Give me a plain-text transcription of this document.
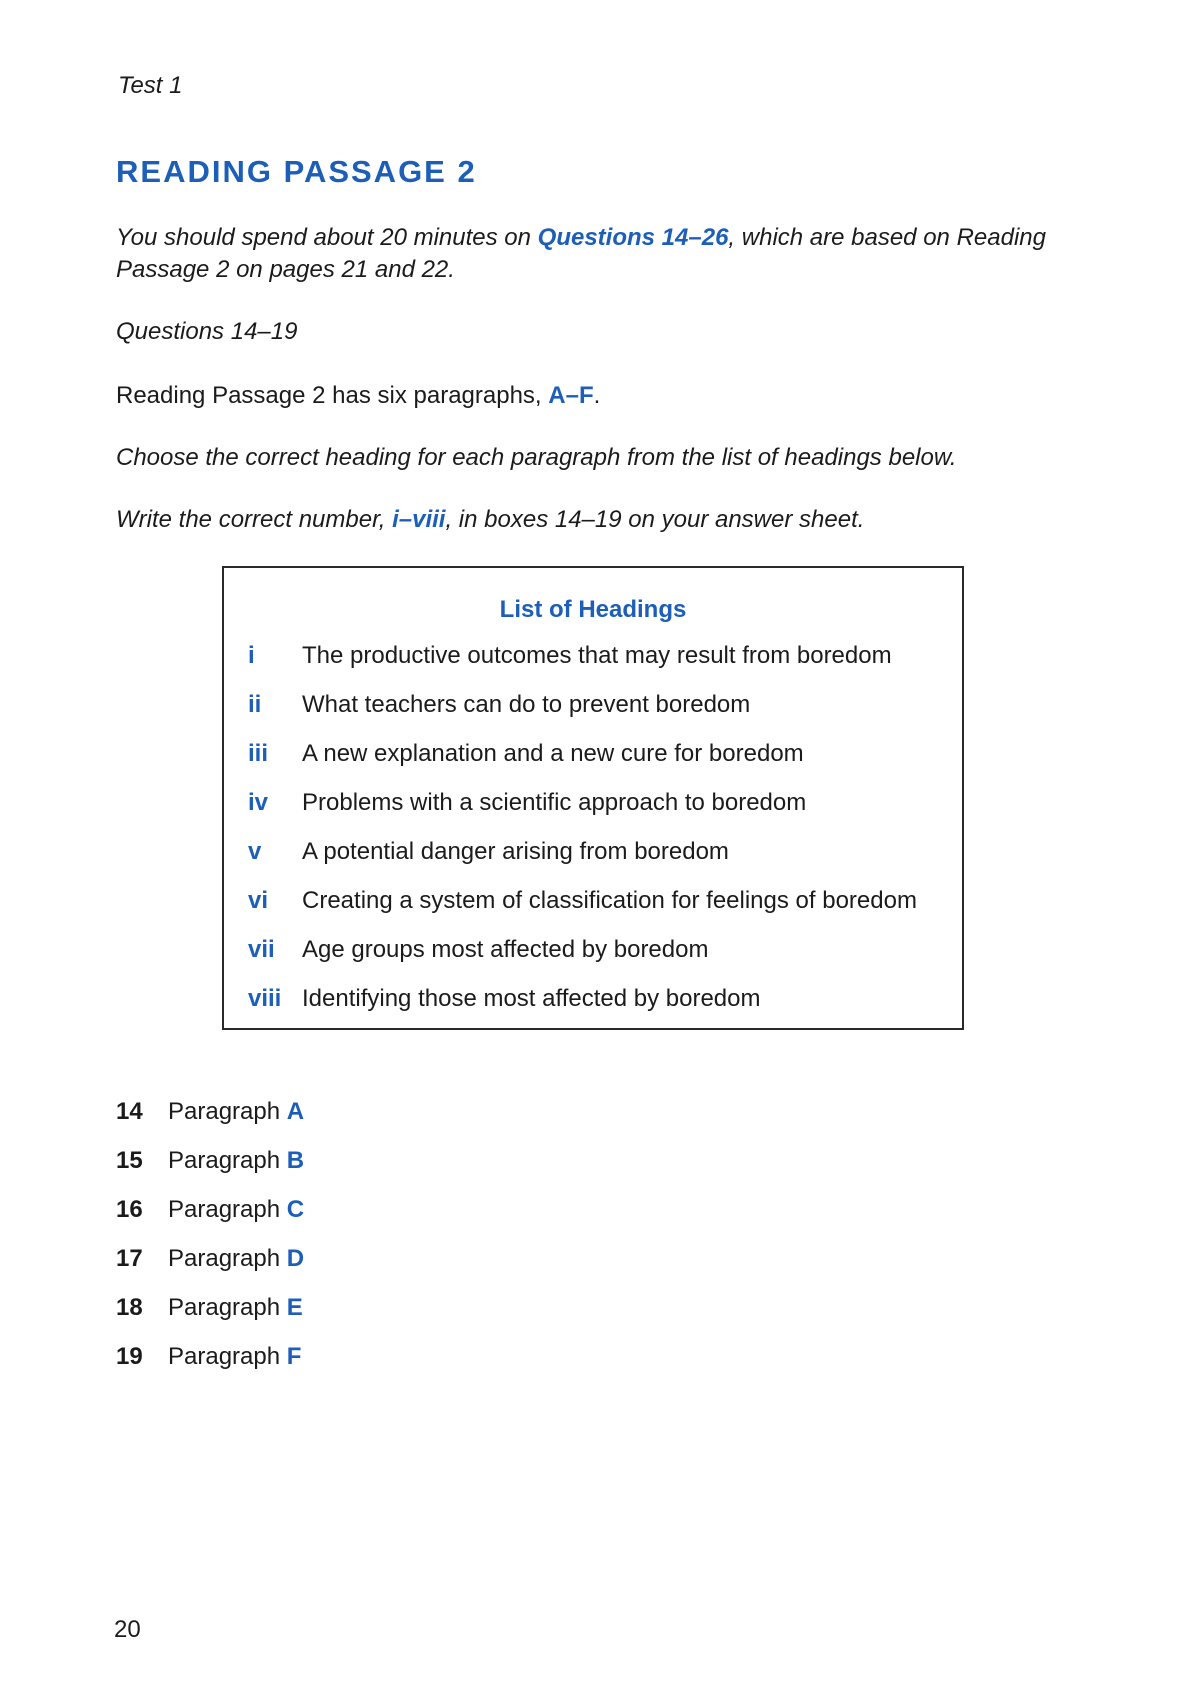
Test 1
READING PASSAGE 2
You should spend about 20 minutes on Questions 14–26, which are based on Reading Passage 2 on pages 21 and 22.
Questions 14–19
Reading Passage 2 has six paragraphs, A–F.
Choose the correct heading for each paragraph from the list of headings below.
Write the correct number, i–viii, in boxes 14–19 on your answer sheet.
List of Headings
i The productive outcomes that may result from boredom
ii What teachers can do to prevent boredom
iii A new explanation and a new cure for boredom
iv Problems with a scientific approach to boredom
v A potential danger arising from boredom
vi Creating a system of classification for feelings of boredom
vii Age groups most affected by boredom
viii Identifying those most affected by boredom
14 Paragraph A
15 Paragraph B
16 Paragraph C
17 Paragraph D
18 Paragraph E
19 Paragraph F
20
